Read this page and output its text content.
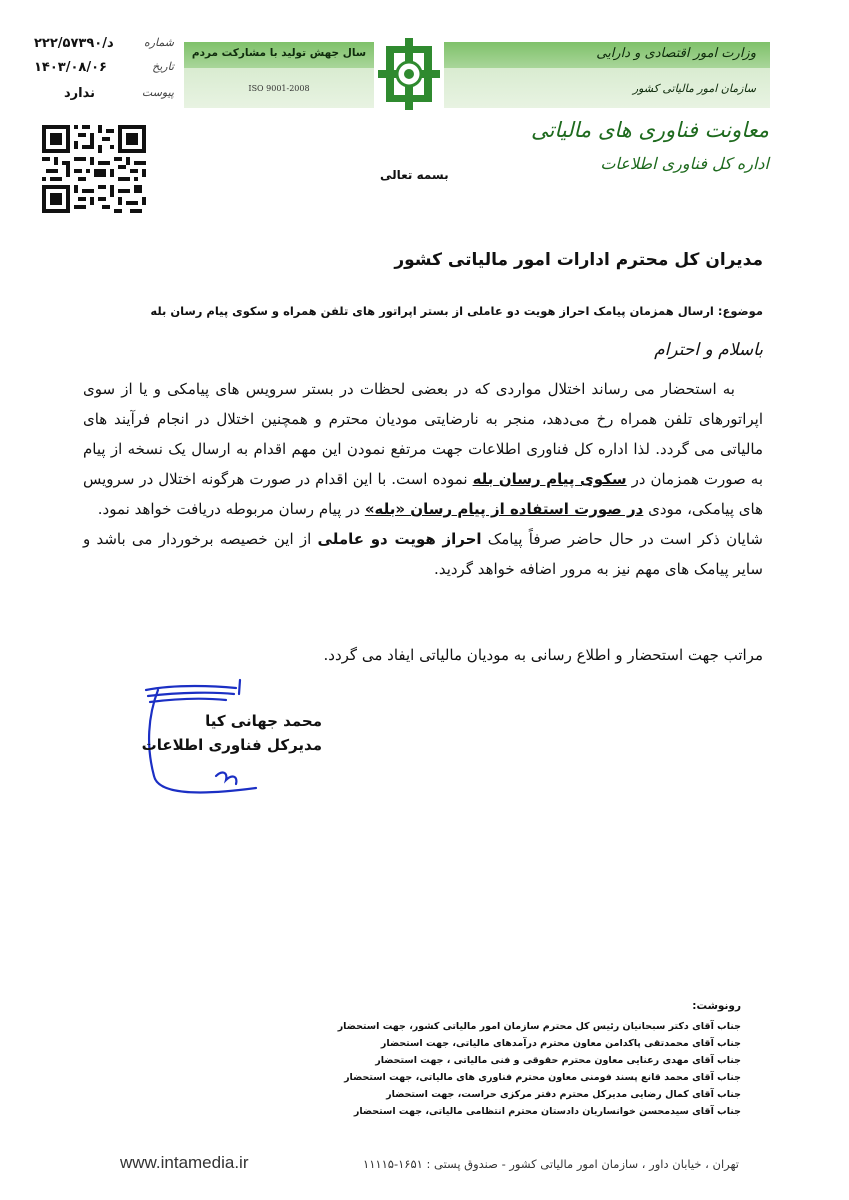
د/۲۲۲/۵۷۳۹۰	شماره
۱۴۰۳/۰۸/۰۶	تاریخ
ندارد	پیوست
سال جهش تولید با مشارکت مردم
ISO 9001-2008
وزارت امور اقتصادی و دارایی
سازمان امور مالیاتی کشور
معاونت فناوری های مالیاتی
اداره کل فناوری اطلاعات
بسمه تعالی
مدیران کل محترم ادارات امور مالیاتی کشور
موضوع: ارسال همزمان پیامک احراز هویت دو عاملی از بستر اپراتور های تلفن همراه و سکوی پیام رسان بله
باسلام و احترام

به استحضار می رساند اختلال مواردی که در بعضی لحظات در بستر سرویس های پیامکی و یا از سوی اپراتورهای تلفن همراه رخ می‌دهد، منجر به نارضایتی مودیان محترم و همچنین اختلال در انجام فرآیند های مالیاتی می گردد. لذا اداره کل فناوری اطلاعات جهت مرتفع نمودن این مهم اقدام به ارسال یک نسخه از پیام به صورت همزمان در سکوی پیام رسان بله نموده است. با این اقدام در صورت هرگونه اختلال در سرویس های پیامکی، مودی در صورت استفاده از پیام رسان «بله» در پیام رسان مربوطه دریافت خواهد نمود.

شایان ذکر است در حال حاضر صرفاً پیامک احراز هویت دو عاملی از این خصیصه برخوردار می باشد و سایر پیامک های مهم نیز به مرور اضافه خواهد گردید.

مراتب جهت استحضار و اطلاع رسانی به مودیان مالیاتی ایفاد می گردد.
محمد جهانی کیا
مدیرکل فناوری اطلاعات
رونوشت:
جناب آقای دکتر سبحانیان رئیس کل محترم سازمان امور مالیاتی کشور، جهت استحضار
جناب آقای محمدتقی پاکدامن معاون محترم درآمدهای مالیاتی، جهت استحضار
جناب آقای مهدی رعنایی معاون محترم حقوقی و فنی مالیاتی ، جهت استحضار
جناب آقای محمد قانع پسند فومنی معاون محترم فناوری های مالیاتی، جهت استحضار
جناب آقای کمال رضایی مدیرکل محترم دفتر مرکزی حراست، جهت استحضار
جناب آقای سیدمحسن خوانساریان دادستان محترم انتظامی مالیاتی، جهت استحضار
www.intamedia.ir	تهران ، خیابان داور ، سازمان امور مالیاتی کشور - صندوق پستی : ۱۶۵۱-۱۱۱۱۵
